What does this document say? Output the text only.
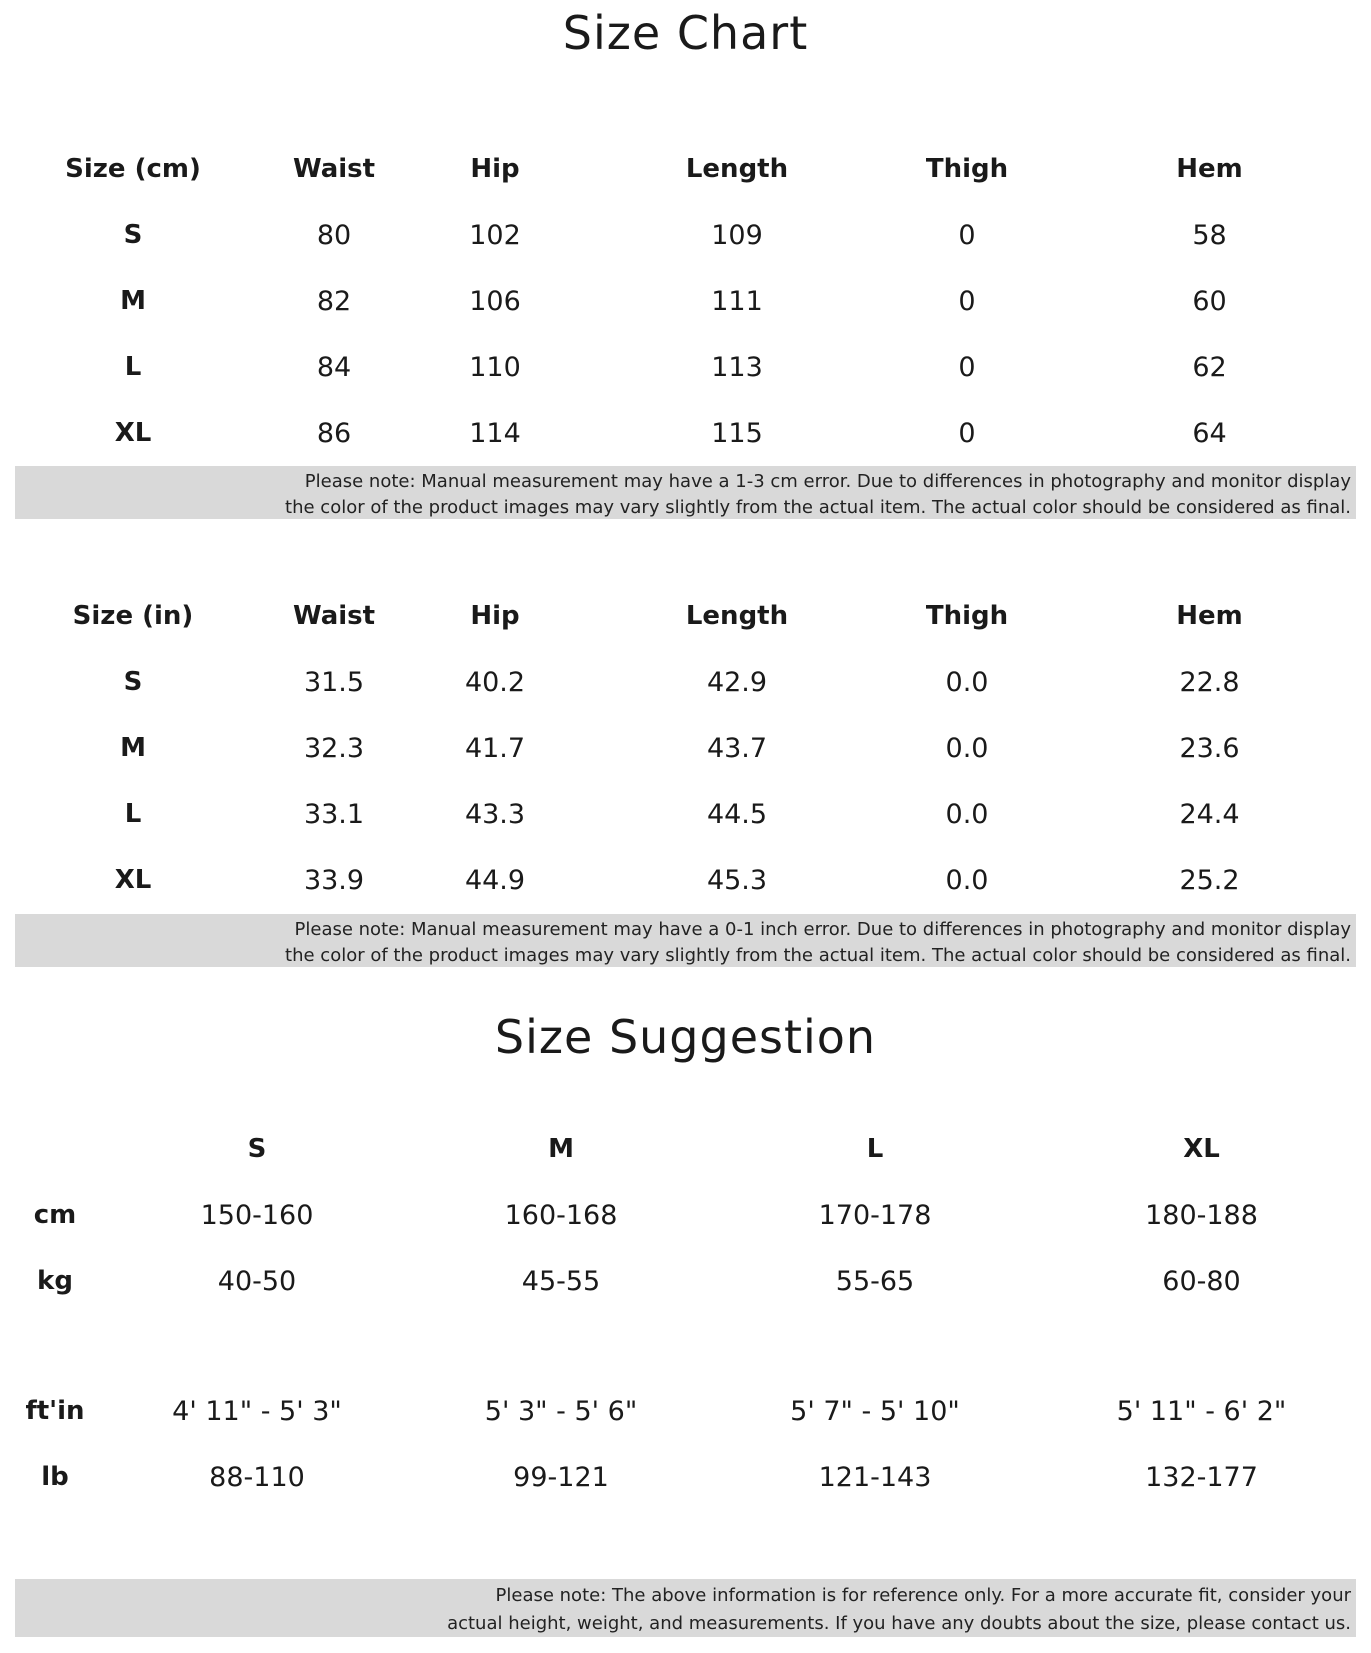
Size Chart
Size (cm)	Waist	Hip	Length	Thigh	Hem
S	80	102	109	0	58
M	82	106	111	0	60
L	84	110	113	0	62
XL	86	114	115	0	64
Please note: Manual measurement may have a 1-3 cm error. Due to differences in photography and monitor display
the color of the product images may vary slightly from the actual item. The actual color should be considered as final.
Size (in)	Waist	Hip	Length	Thigh	Hem
S	31.5	40.2	42.9	0.0	22.8
M	32.3	41.7	43.7	0.0	23.6
L	33.1	43.3	44.5	0.0	24.4
XL	33.9	44.9	45.3	0.0	25.2
Please note: Manual measurement may have a 0-1 inch error. Due to differences in photography and monitor display
the color of the product images may vary slightly from the actual item. The actual color should be considered as final.
Size Suggestion
	S	M	L	XL
cm	150-160	160-168	170-178	180-188
kg	40-50	45-55	55-65	60-80

ft'in	4' 11" - 5' 3"	5' 3" - 5' 6"	5' 7" - 5' 10"	5' 11" - 6' 2"
lb	88-110	99-121	121-143	132-177
Please note: The above information is for reference only. For a more accurate fit, consider your
actual height, weight, and measurements. If you have any doubts about the size, please contact us.
